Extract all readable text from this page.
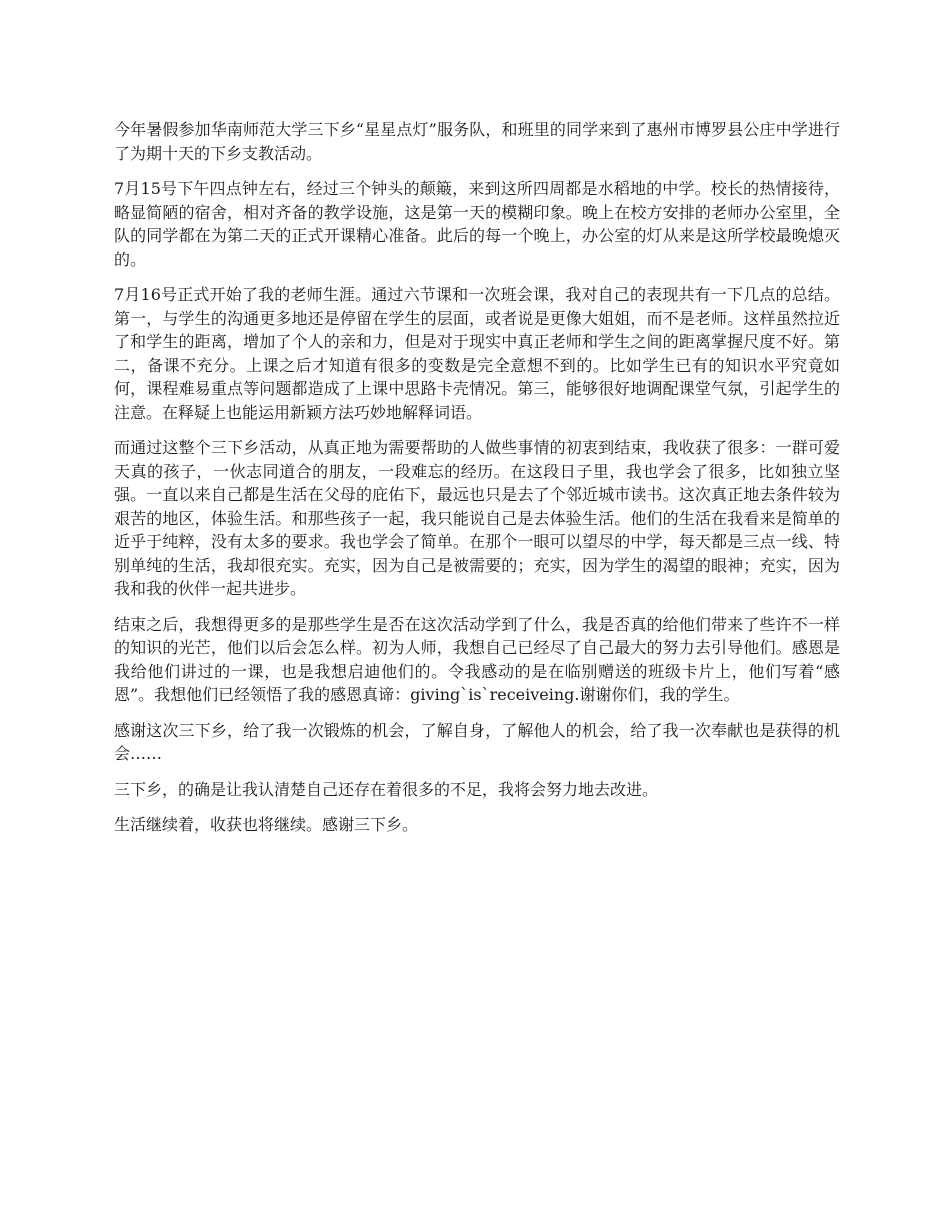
今年暑假参加华南师范大学三下乡“星星点灯”服务队，和班里的同学来到了惠州市博罗县公庄中学进行了为期十天的下乡支教活动。

7月15号下午四点钟左右，经过三个钟头的颠簸，来到这所四周都是水稻地的中学。校长的热情接待，略显简陋的宿舍，相对齐备的教学设施，这是第一天的模糊印象。晚上在校方安排的老师办公室里，全队的同学都在为第二天的正式开课精心准备。此后的每一个晚上，办公室的灯从来是这所学校最晚熄灭的。

7月16号正式开始了我的老师生涯。通过六节课和一次班会课，我对自己的表现共有一下几点的总结。第一，与学生的沟通更多地还是停留在学生的层面，或者说是更像大姐姐，而不是老师。这样虽然拉近了和学生的距离，增加了个人的亲和力，但是对于现实中真正老师和学生之间的距离掌握尺度不好。第二，备课不充分。上课之后才知道有很多的变数是完全意想不到的。比如学生已有的知识水平究竟如何，课程难易重点等问题都造成了上课中思路卡壳情况。第三，能够很好地调配课堂气氛，引起学生的注意。在释疑上也能运用新颖方法巧妙地解释词语。

而通过这整个三下乡活动，从真正地为需要帮助的人做些事情的初衷到结束，我收获了很多：一群可爱天真的孩子，一伙志同道合的朋友，一段难忘的经历。在这段日子里，我也学会了很多，比如独立坚强。一直以来自己都是生活在父母的庇佑下，最远也只是去了个邻近城市读书。这次真正地去条件较为艰苦的地区，体验生活。和那些孩子一起，我只能说自己是去体验生活。他们的生活在我看来是简单的近乎于纯粹，没有太多的要求。我也学会了简单。在那个一眼可以望尽的中学，每天都是三点一线、特别单纯的生活，我却很充实。充实，因为自己是被需要的；充实，因为学生的渴望的眼神；充实，因为我和我的伙伴一起共进步。

结束之后，我想得更多的是那些学生是否在这次活动学到了什么，我是否真的给他们带来了些许不一样的知识的光芒，他们以后会怎么样。初为人师，我想自己已经尽了自己最大的努力去引导他们。感恩是我给他们讲过的一课，也是我想启迪他们的。令我感动的是在临别赠送的班级卡片上，他们写着“感恩”。我想他们已经领悟了我的感恩真谛：giving`is`receiveing.谢谢你们，我的学生。

感谢这次三下乡，给了我一次锻炼的机会，了解自身，了解他人的机会，给了我一次奉献也是获得的机会……

三下乡，的确是让我认清楚自己还存在着很多的不足，我将会努力地去改进。

生活继续着，收获也将继续。感谢三下乡。
